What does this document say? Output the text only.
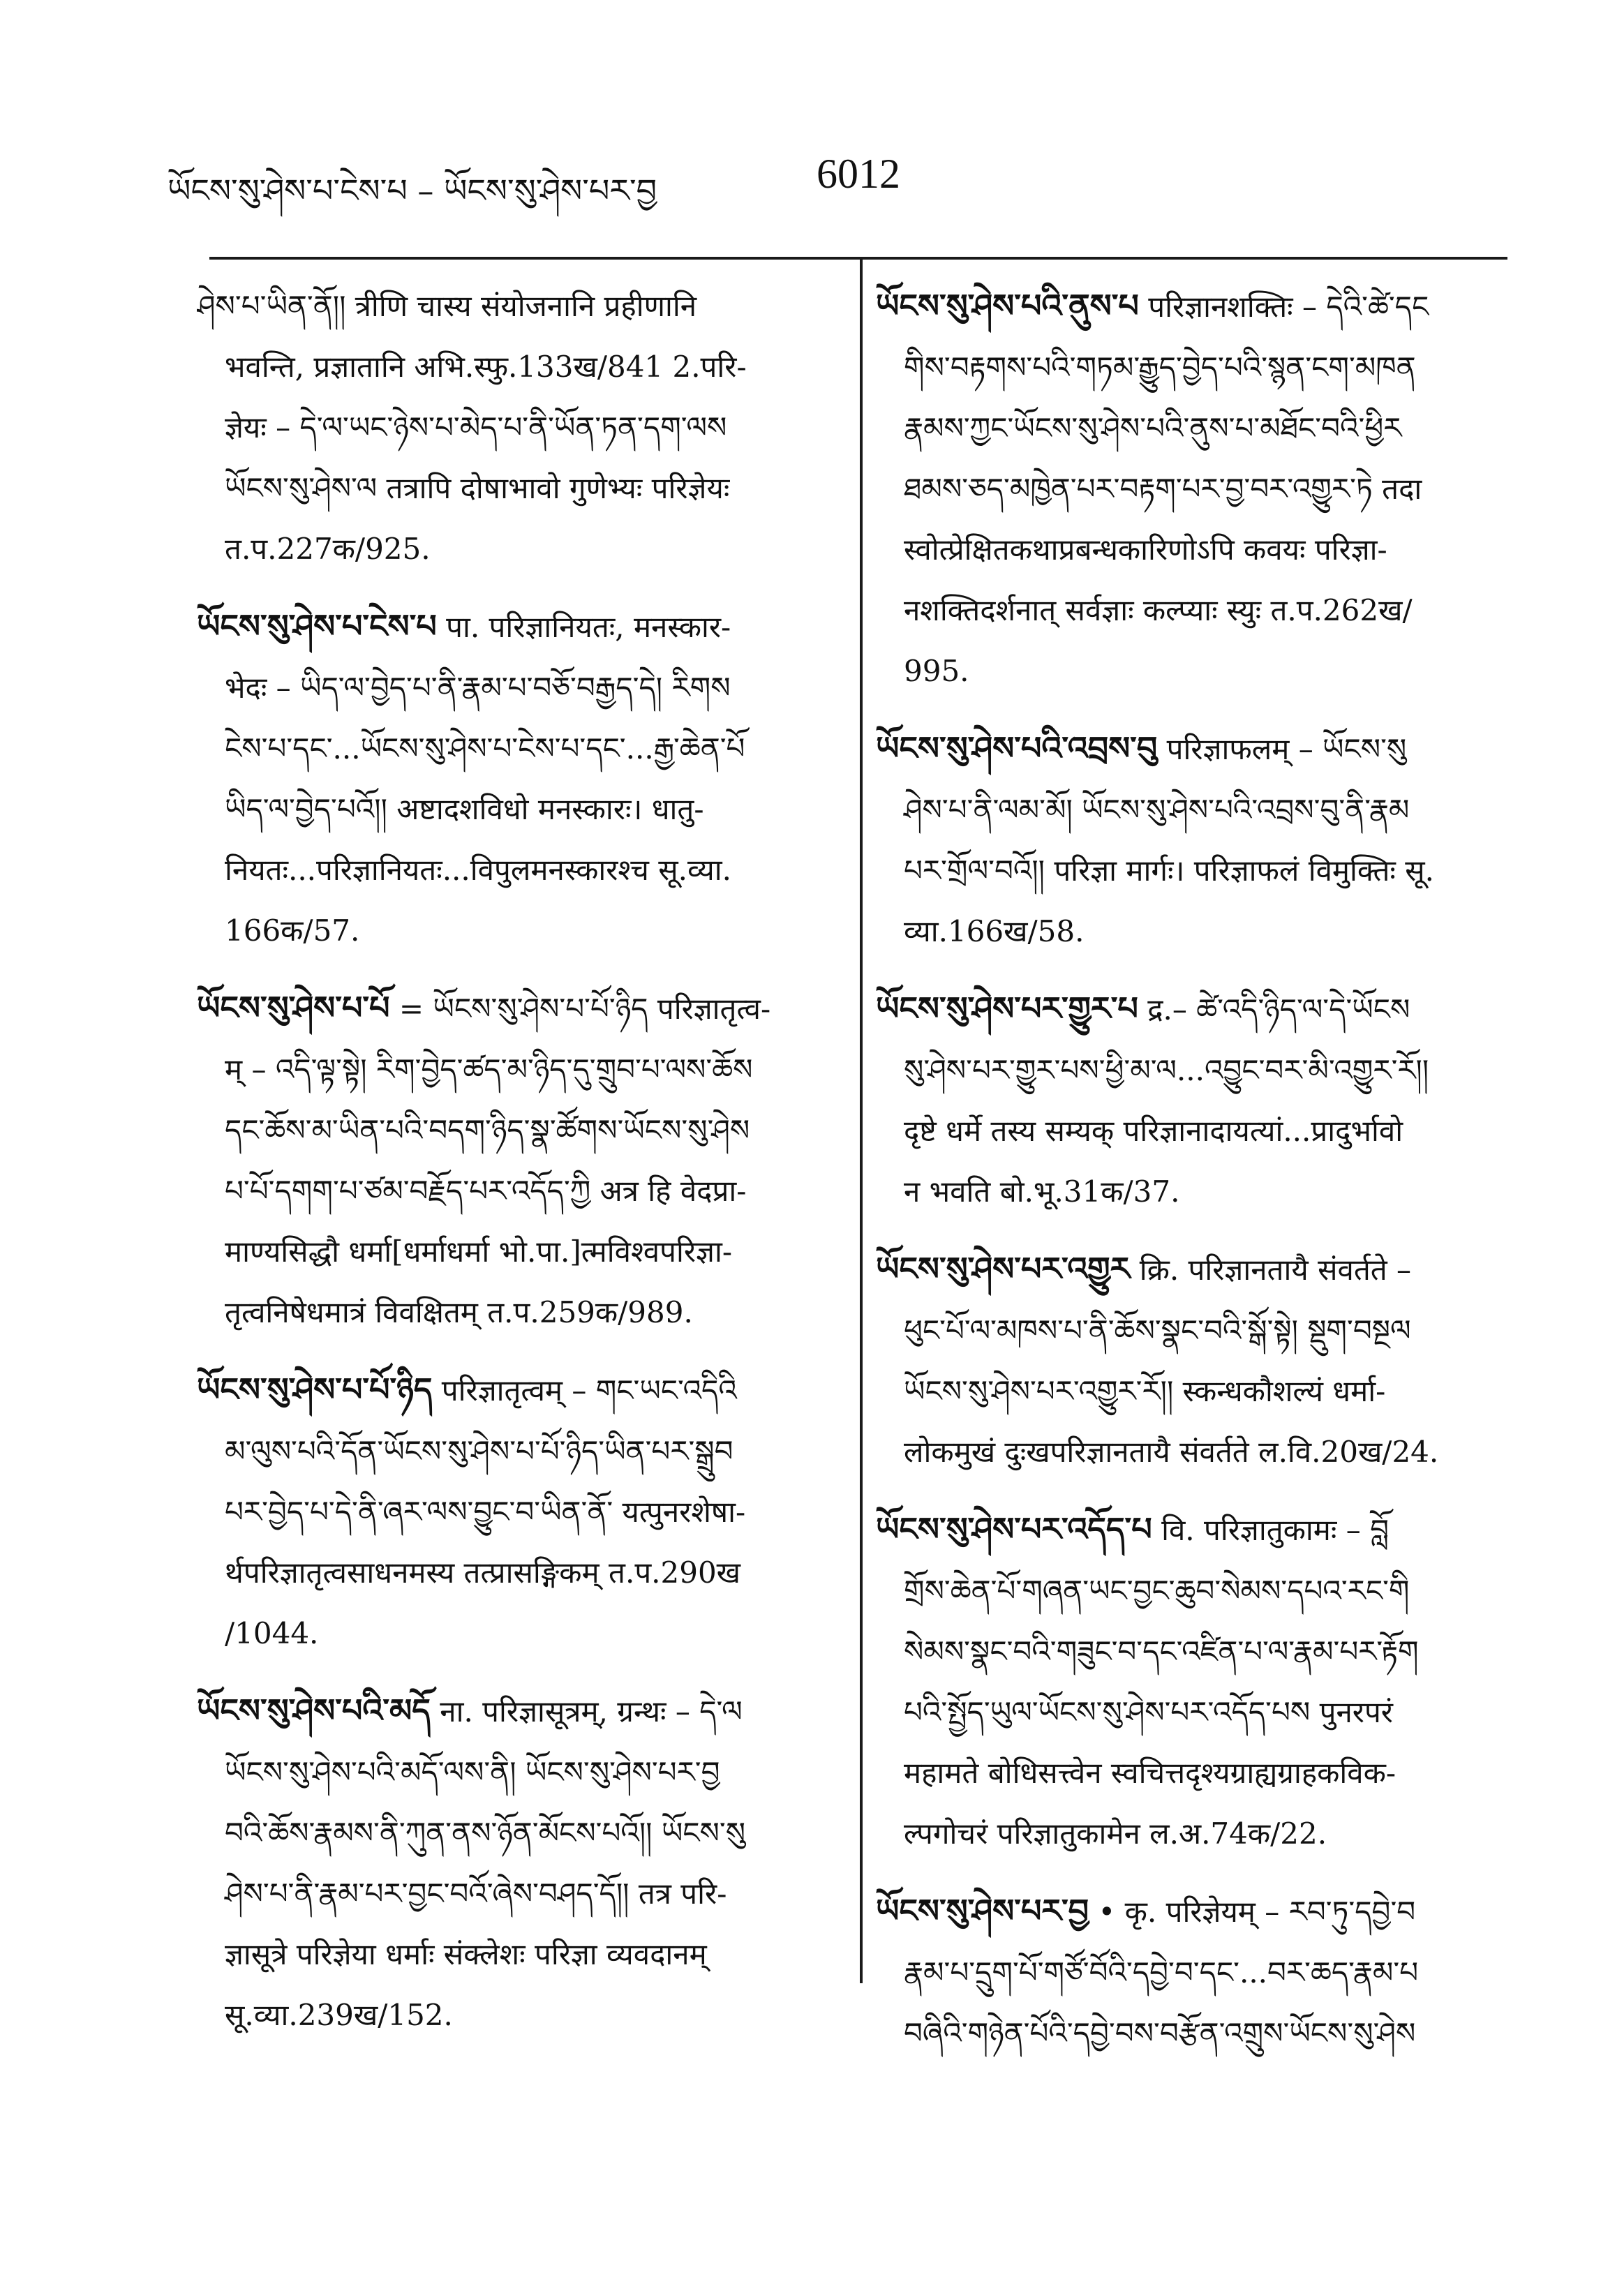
ཡོངས་སུ་ཤེས་པ་ངེས་པ – ཡོངས་སུ་ཤེས་པར་བྱ	6012
ཤེས་པ་ཡིན་ནོ།། त्रीणि चास्य संयोजनानि प्रहीणानि
भवन्ति, प्रज्ञातानि अभि.स्फु.133ख/841 2.परि-
ज्ञेयः – དེ་ལ་ཡང་ཉེས་པ་མེད་པ་ནི་ཡོན་ཏན་དག་ལས
ཡོངས་སུ་ཤེས་ལ तत्रापि दोषाभावो गुणेभ्यः परिज्ञेयः
त.प.227क/925.
ཡོངས་སུ་ཤེས་པ་ངེས་པ पा. परिज्ञानियतः, मनस्कार-
भेदः – ཡིད་ལ་བྱེད་པ་ནི་རྣམ་པ་བཅོ་བརྒྱད་དེ། རིགས
ངེས་པ་དང་...ཡོངས་སུ་ཤེས་པ་ངེས་པ་དང་...རྒྱ་ཆེན་པོ
ཡིད་ལ་བྱེད་པའོ།། अष्टादशविधो मनस्कारः। धातु-
नियतः...परिज्ञानियतः...विपुलमनस्कारश्च सू.व्या.
166क/57.
ཡོངས་སུ་ཤེས་པ་པོ = ཡོངས་སུ་ཤེས་པ་པོ་ཉིད परिज्ञातृत्व-
म् – འདི་ལྟ་སྟེ། རིག་བྱེད་ཚད་མ་ཉིད་དུ་གྲུབ་པ་ལས་ཆོས
དང་ཆོས་མ་ཡིན་པའི་བདག་ཉིད་སྣ་ཚོགས་ཡོངས་སུ་ཤེས
པ་པོ་དགག་པ་ཙམ་བརྗོད་པར་འདོད་ཀྱི अत्र हि वेदप्रा-
माण्यसिद्धौ धर्मा[धर्माधर्मा भो.पा.]त्मविश्वपरिज्ञा-
तृत्वनिषेधमात्रं विवक्षितम् त.प.259क/989.
ཡོངས་སུ་ཤེས་པ་པོ་ཉིད परिज्ञातृत्वम् – གང་ཡང་འདིའི
མ་ལུས་པའི་དོན་ཡོངས་སུ་ཤེས་པ་པོ་ཉིད་ཡིན་པར་སྒྲུབ
པར་བྱེད་པ་དེ་ནི་ཞར་ལས་བྱུང་བ་ཡིན་ནོ་ यत्पुनरशेषा-
र्थपरिज्ञातृत्वसाधनमस्य तत्प्रासङ्गिकम् त.प.290ख
/1044.
ཡོངས་སུ་ཤེས་པའི་མདོ ना. परिज्ञासूत्रम्, ग्रन्थः – དེ་ལ
ཡོངས་སུ་ཤེས་པའི་མདོ་ལས་ནི། ཡོངས་སུ་ཤེས་པར་བྱ
བའི་ཆོས་རྣམས་ནི་ཀུན་ནས་ཉོན་མོངས་པའོ།། ཡོངས་སུ
ཤེས་པ་ནི་རྣམ་པར་བྱང་བའོ་ཞེས་བཤད་དོ།། तत्र परि-
ज्ञासूत्रे परिज्ञेया धर्माः संक्लेशः परिज्ञा व्यवदानम्
सू.व्या.239ख/152.
ཡོངས་སུ་ཤེས་པའི་ནུས་པ परिज्ञानशक्तिः – དེའི་ཚེ་དང
གིས་བརྟགས་པའི་གཏམ་རྒྱུད་བྱེད་པའི་སྙན་ངག་མཁན
རྣམས་ཀྱང་ཡོངས་སུ་ཤེས་པའི་ནུས་པ་མཐོང་བའི་ཕྱིར
ཐམས་ཅད་མཁྱེན་པར་བརྟག་པར་བྱ་བར་འགྱུར་ཏེ तदा
स्वोत्प्रेक्षितकथाप्रबन्धकारिणोऽपि कवयः परिज्ञा-
नशक्तिदर्शनात् सर्वज्ञाः कल्प्याः स्युः त.प.262ख/
995.
ཡོངས་སུ་ཤེས་པའི་འབྲས་བུ परिज्ञाफलम् – ཡོངས་སུ
ཤེས་པ་ནི་ལམ་མོ། ཡོངས་སུ་ཤེས་པའི་འབྲས་བུ་ནི་རྣམ
པར་གྲོལ་བའོ།། परिज्ञा मार्गः। परिज्ञाफलं विमुक्तिः सू.
व्या.166ख/58.
ཡོངས་སུ་ཤེས་པར་གྱུར་པ द्र.– ཚེ་འདི་ཉིད་ལ་དེ་ཡོངས
སུ་ཤེས་པར་གྱུར་པས་ཕྱི་མ་ལ...འབྱུང་བར་མི་འགྱུར་རོ།།
दृष्टे धर्मे तस्य सम्यक् परिज्ञानादायत्यां...प्रादुर्भावो
न भवति बो.भू.31क/37.
ཡོངས་སུ་ཤེས་པར་འགྱུར क्रि. परिज्ञानतायै संवर्तते –
ཕུང་པོ་ལ་མཁས་པ་ནི་ཆོས་སྣང་བའི་སྒོ་སྟེ། སྡུག་བསྔལ
ཡོངས་སུ་ཤེས་པར་འགྱུར་རོ།། स्कन्धकौशल्यं धर्मा-
लोकमुखं दुःखपरिज्ञानतायै संवर्तते ल.वि.20ख/24.
ཡོངས་སུ་ཤེས་པར་འདོད་པ वि. परिज्ञातुकामः – བློ
གྲོས་ཆེན་པོ་གཞན་ཡང་བྱང་ཆུབ་སེམས་དཔའ་རང་གི
སེམས་སྣང་བའི་གཟུང་བ་དང་འཛིན་པ་ལ་རྣམ་པར་རྟོག
པའི་སྤྱོད་ཡུལ་ཡོངས་སུ་ཤེས་པར་འདོད་པས पुनरपरं
महामते बोधिसत्त्वेन स्वचित्तदृश्यग्राह्यग्राहकविक-
ल्पगोचरं परिज्ञातुकामेन ल.अ.74क/22.
ཡོངས་སུ་ཤེས་པར་བྱ • कृ. परिज्ञेयम् – རབ་ཏུ་དབྱེ་བ
རྣམ་པ་དྲུག་པོ་གཙོ་བོའི་དབྱེ་བ་དང་...བར་ཆད་རྣམ་པ
བཞིའི་གཉེན་པོའི་དབྱེ་བས་བརྩོན་འགྲུས་ཡོངས་སུ་ཤེས
